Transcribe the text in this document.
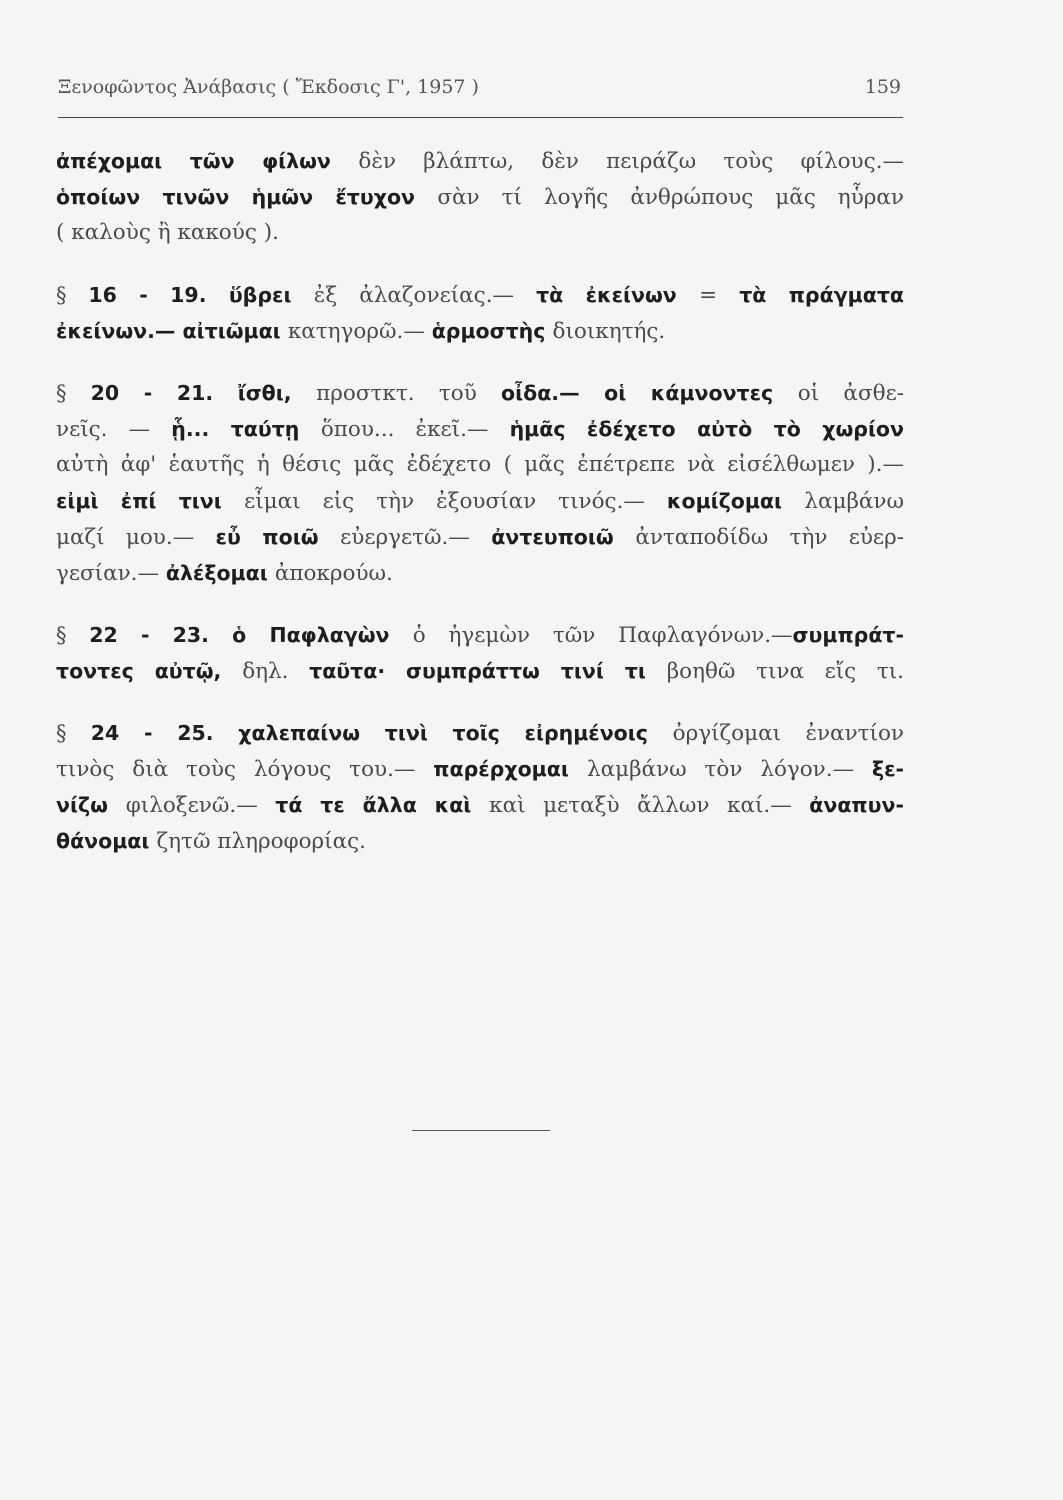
Ξενοφῶντος Ἀνάβασις ( Ἔκδοσις Γ', 1957 )	159
ἀπέχομαι τῶν φίλων δὲν βλάπτω, δὲν πειράζω τοὺς φίλους.—
ὁποίων τινῶν ἡμῶν ἔτυχον σὰν τί λογῆς ἀνθρώπους μᾶς ηὗραν
( καλοὺς ἢ κακούς ).
§ 16 - 19. ὕβρει ἐξ ἀλαζονείας.— τὰ ἐκείνων = τὰ πράγματα
ἐκείνων.— αἰτιῶμαι κατηγορῶ.— ἁρμοστὴς διοικητής.
§ 20 - 21. ἴσθι, προστκτ. τοῦ οἶδα.— οἱ κάμνοντες οἱ ἀσθε-
νεῖς. — ᾗ... ταύτῃ ὅπου... ἐκεῖ.— ἡμᾶς ἐδέχετο αὐτὸ τὸ χωρίον
αὐτὴ ἀφ' ἑαυτῆς ἡ θέσις μᾶς ἐδέχετο ( μᾶς ἐπέτρεπε νὰ εἰσέλθωμεν ).—
εἰμὶ ἐπί τινι εἶμαι εἰς τὴν ἐξουσίαν τινός.— κομίζομαι λαμβάνω
μαζί μου.— εὖ ποιῶ εὐεργετῶ.— ἀντευποιῶ ἀνταποδίδω τὴν εὐερ-
γεσίαν.— ἀλέξομαι ἀποκρούω.
§ 22 - 23. ὁ Παφλαγὼν ὁ ἡγεμὼν τῶν Παφλαγόνων.—συμπράτ-
τοντες αὐτῷ, δηλ. ταῦτα· συμπράττω τινί τι βοηθῶ τινα εἴς τι.
§ 24 - 25. χαλεπαίνω τινὶ τοῖς εἰρημένοις ὀργίζομαι ἐναντίον
τινὸς διὰ τοὺς λόγους του.— παρέρχομαι λαμβάνω τὸν λόγον.— ξε-
νίζω φιλοξενῶ.— τά τε ἄλλα καὶ καὶ μεταξὺ ἄλλων καί.— ἀναπυν-
θάνομαι ζητῶ πληροφορίας.
